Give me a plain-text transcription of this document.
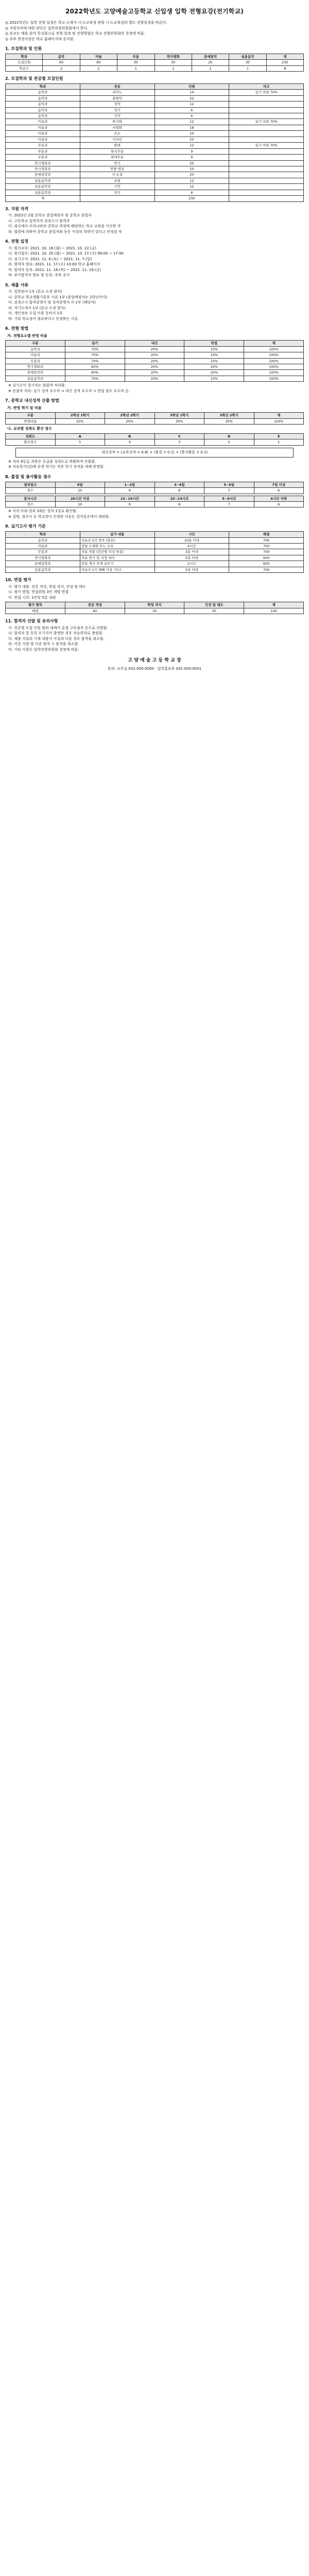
2022학년도 고양예술고등학교 신입생 입학 전형요강(전기학교)

◎ 2022학년도 입학 전형 일정은 학교 소재지 시·도교육청 관할 시·도교육감의 별도 전형일정을 따른다.

◎ 지원자격에 대한 판단은 입학전형위원회에서 한다.

◎ 본교는 예술 분야 특성화고로 전형 일정 및 전형방법은 학교 전형위원회의 결정에 따름.

◎ 추후 변경사항은 학교 홈페이지에 공지함.

1. 모집학과 및 인원
학과	음악	미술	무용	연극영화	문예창작	실용음악	계
모집인원	60	60	30	30	20	30	230
학급수	2	2	1	1	1	1	8
2. 모집학과 및 전공별 모집인원
학과	전공	인원	비고
음악과	피아노	14	실기 비중 70%
음악과	관현악	22	
음악과	성악	12	
음악과	작곡	6	
음악과	국악	6	
미술과	한국화	12	실기 비중 70%
미술과	서양화	18	
미술과	조소	10	
미술과	디자인	20	
무용과	발레	12	실기 비중 70%
무용과	한국무용	9	
무용과	현대무용	9	
연극영화과	연기	20	
연극영화과	연출·영상	10	
문예창작과	시·소설	20	
실용음악과	보컬	12	
실용음악과	기악	12	
실용음악과	작곡	6	
계		230	
3. 지원 자격

가. 2022년 2월 중학교 졸업예정자 및 중학교 졸업자

나. 고등학교 입학자격 검정고시 합격자

다. 외국에서 우리나라의 중학교 과정에 해당하는 학교 교육을 이수한 자

라. 법령에 의하여 중학교 졸업자와 동등 이상의 학력이 있다고 인정된 자

4. 전형 일정

가. 원서교부: 2021. 10. 18.(월) ~ 2021. 10. 22.(금)

나. 원서접수: 2021. 10. 25.(월) ~ 2021. 10. 27.(수) 09:00 ~ 17:00

다. 실기고사: 2021. 11. 6.(토) ~ 2021. 11. 7.(일)

라. 합격자 발표: 2021. 11. 17.(수) 10:00 학교 홈페이지

마. 합격자 등록: 2021. 11. 18.(목) ~ 2021. 11. 19.(금)

바. 추가합격자 발표 및 등록: 추후 공지

5. 제출 서류

가. 입학원서 1부 (본교 소정 양식)

나. 중학교 학교생활기록부 사본 1부 (졸업예정자는 2학년까지)

다. 검정고시 합격증명서 및 성적증명서 각 1부 (해당자)

라. 자기소개서 1부 (본교 소정 양식)

마. 개인정보 수집·이용 동의서 1부

바. 기타 학교장이 필요하다고 인정하는 서류

6. 전형 방법
가. 전형요소별 반영 비율
구분	실기	내신	면접	계
음악과	70%	20%	10%	100%
미술과	70%	20%	10%	100%
무용과	70%	20%	10%	100%
연극영화과	60%	20%	20%	100%
문예창작과	60%	20%	20%	100%
실용음악과	70%	20%	10%	100%

※ 실기고사 결시자는 불합격 처리함.

※ 동점자 처리: 실기 성적 우수자 → 내신 성적 우수자 → 면접 점수 우수자 순.

7. 중학교 내신성적 산출 방법
가. 반영 학기 및 비율
구분	2학년 1학기	2학년 2학기	3학년 1학기	3학년 2학기	계
반영비율	20%	20%	30%	30%	100%
나. 교과별 성취도 환산 점수
성취도	A	B	C	D	E
환산점수	5	4	3	2	1
내신성적 = (교과성적 × 0.8) + (출결 × 0.1) + (봉사활동 × 0.1)

※ 석차 9등급 과목은 등급을 성취도로 변환하여 산출함.

※ 자유학기(년)제 운영 학기는 직후 학기 성적을 대체 반영함.

8. 출결 및 봉사활동 점수
결석일수	0일	1~2일	3~4일	5~6일	7일 이상
점수	10	9	8	7	6
봉사시간	20시간 이상	15~19시간	10~14시간	5~9시간	4시간 이하
점수	10	9	8	7	6

※ 지각·조퇴·결과 3회는 결석 1일로 환산함.

※ 질병, 경조사 등 학교장이 인정한 사유는 결석일수에서 제외함.

9. 실기고사 평가 기준
학과	실기 내용	시간	배점
음악과	자유곡 1곡 연주 (암보)	10분 이내	700
미술과	정물 수채화 또는 소묘	4시간	700
무용과	자유 작품 (전공별 의상 착용)	3분 이내	700
연극영화과	자유 연기 및 지정 대사	5분 이내	600
문예창작과	당일 제시 주제 글쓰기	2시간	600
실용음악과	자유곡 1곡 (MR 사용 가능)	5분 이내	700
10. 면접 평가

가. 평가 내용: 전공 적성, 학업 의지, 인성 및 태도

나. 평가 방법: 면접위원 3인 개별 면접

다. 면접 시간: 1인당 5분 내외

평가 항목	전공 적성	학업 의지	인성 및 태도	계
배점	40	30	30	100
11. 합격자 선발 및 유의사항

가. 전공별 모집 인원 범위 내에서 총점 고득점자 순으로 선발함.

나. 합격자 중 등록 포기자가 발생한 경우 차순위자로 충원함.

다. 제출 서류의 기재 내용이 사실과 다를 경우 합격을 취소함.

라. 이중 지원 및 이중 합격 시 합격을 취소함.

마. 기타 사항은 입학전형위원회 결정에 따름.

고 양 예 술 고 등 학 교 장
문의: 교무실 031-000-0000 · 입학홍보부 031-000-0001
